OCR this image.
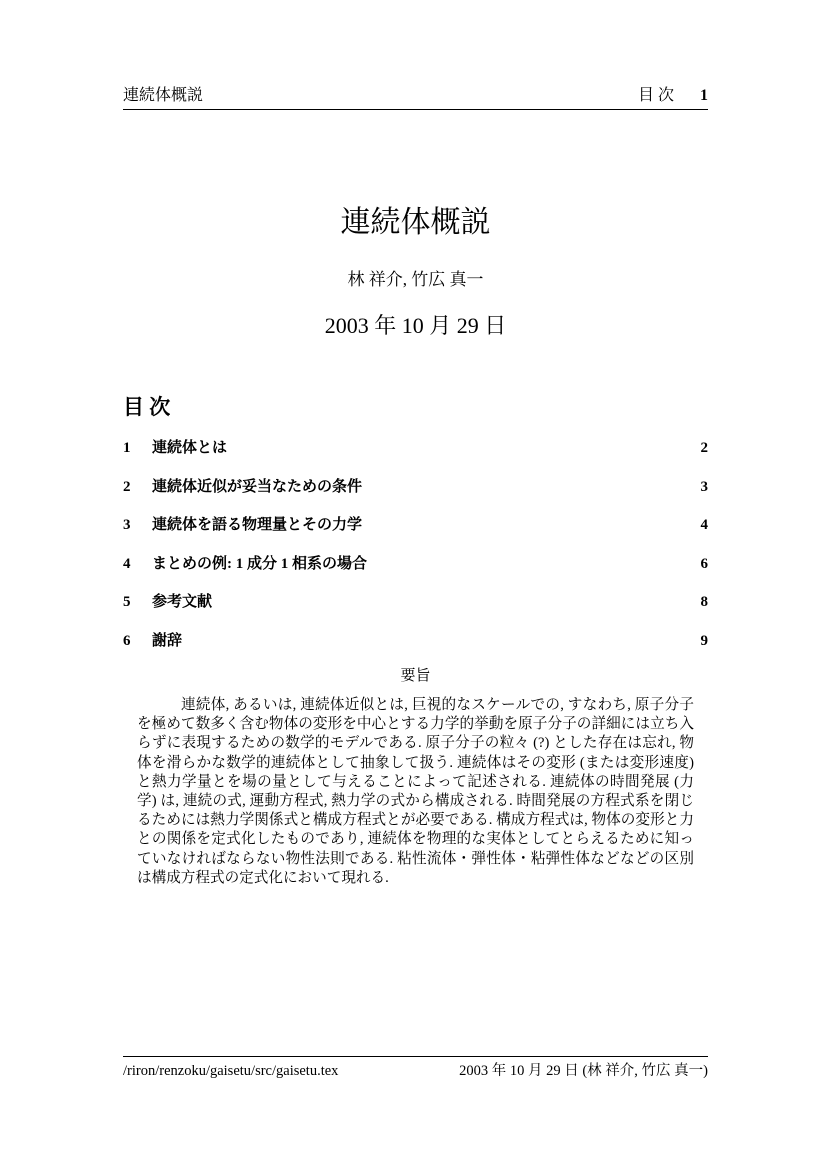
連続体概説	目 次 1
連続体概説
林 祥介, 竹広 真一
2003 年 10 月 29 日
目 次
1	連続体とは	2
2	連続体近似が妥当なための条件	3
3	連続体を語る物理量とその力学	4
4	まとめの例: 1 成分 1 相系の場合	6
5	参考文献	8
6	謝辞	9
要旨
連続体, あるいは, 連続体近似とは, 巨視的なスケールでの, すなわち, 原子分子を極めて数多く含む物体の変形を中心とする力学的挙動を原子分子の詳細には立ち入らずに表現するための数学的モデルである. 原子分子の粒々 (?) とした存在は忘れ, 物体を滑らかな数学的連続体として抽象して扱う. 連続体はその変形 (または変形速度) と熱力学量とを場の量として与えることによって記述される. 連続体の時間発展 (力学) は, 連続の式, 運動方程式, 熱力学の式から構成される. 時間発展の方程式系を閉じるためには熱力学関係式と構成方程式とが必要である. 構成方程式は, 物体の変形と力との関係を定式化したものであり, 連続体を物理的な実体としてとらえるために知っていなければならない物性法則である. 粘性流体・弾性体・粘弾性体などなどの区別は構成方程式の定式化において現れる.
/riron/renzoku/gaisetu/src/gaisetu.tex	2003 年 10 月 29 日 (林 祥介, 竹広 真一)
